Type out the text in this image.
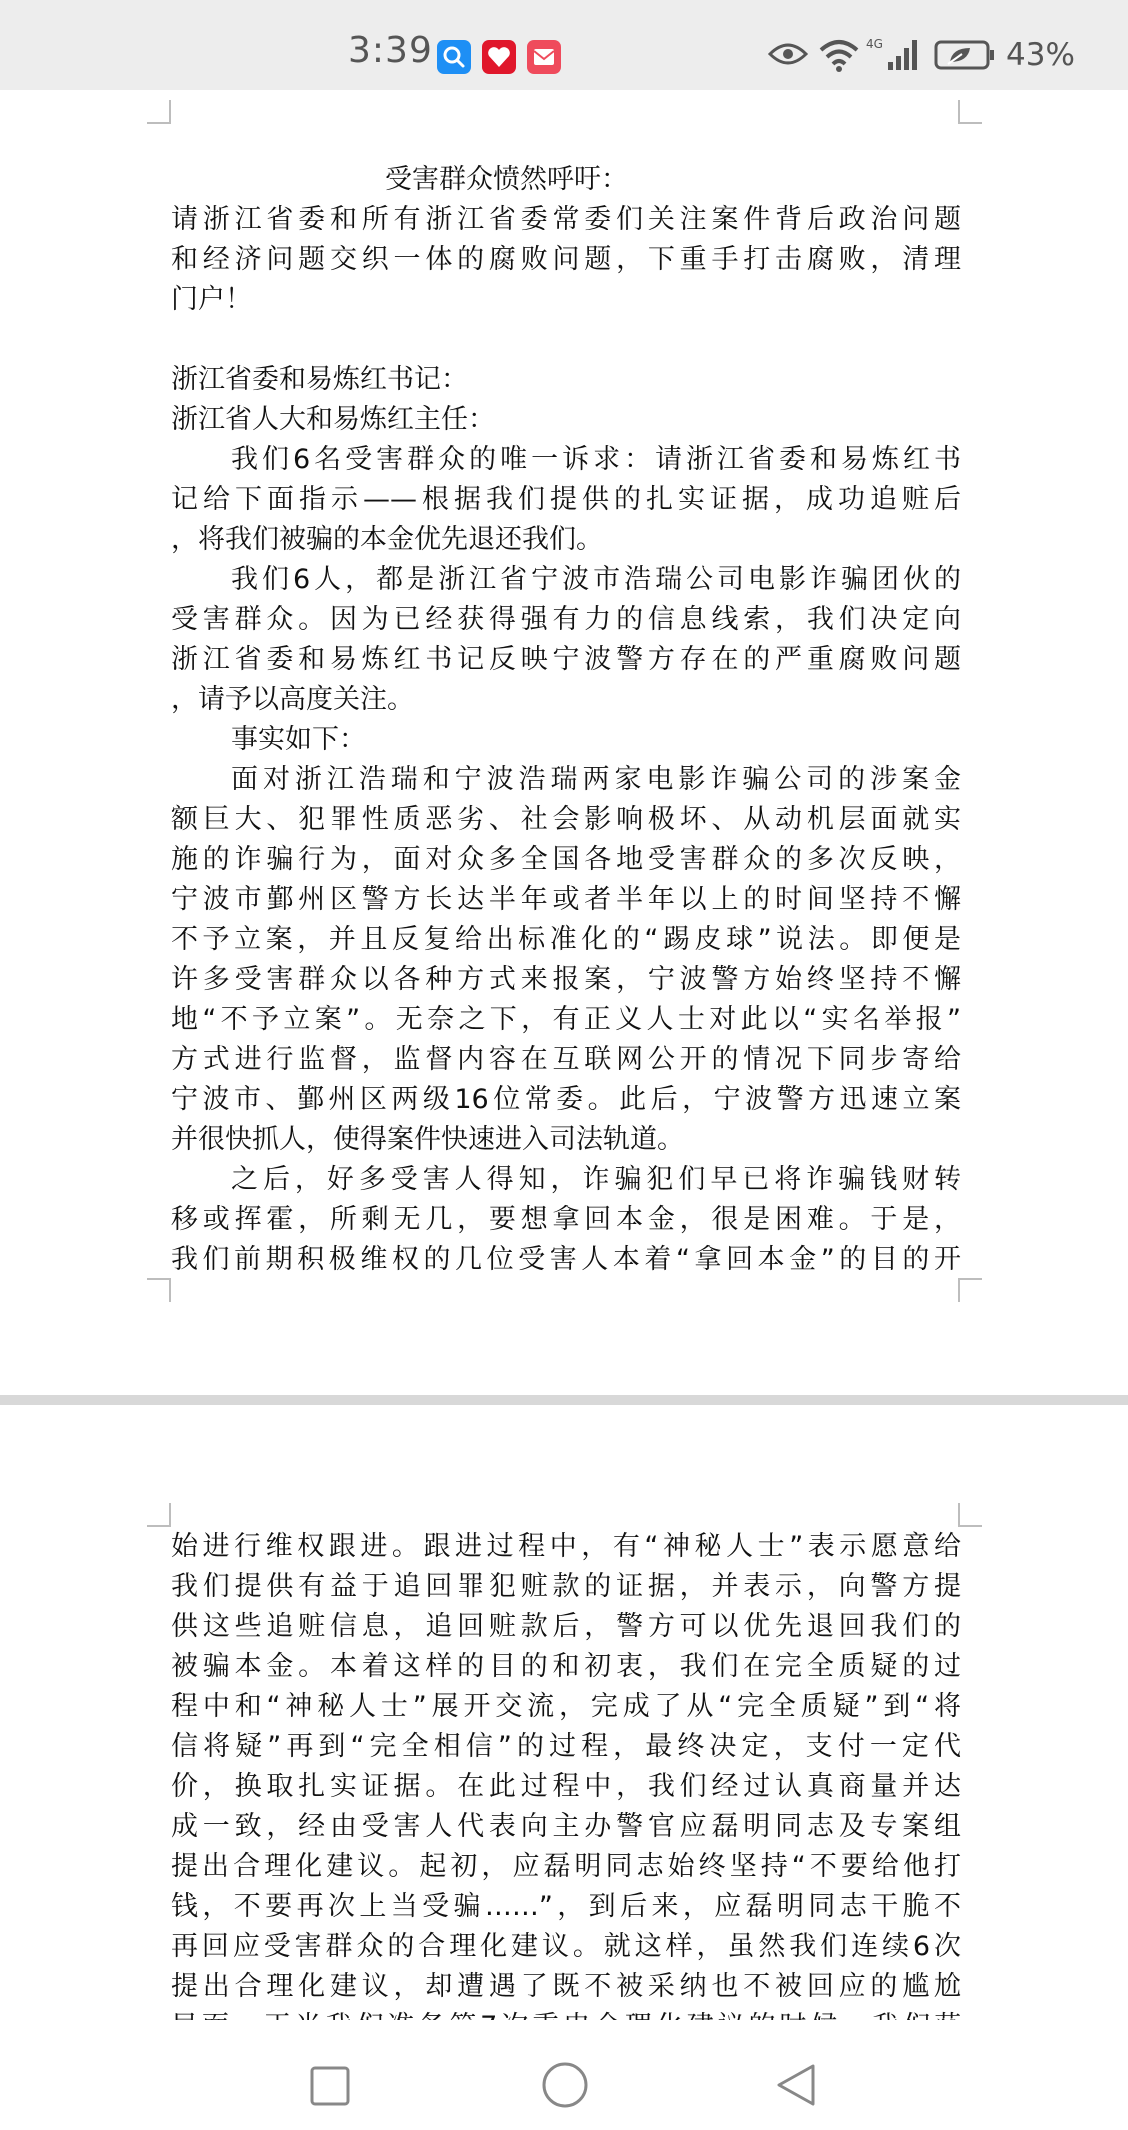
3:39	4G	43%
受害群众愤然呼吁：
请浙江省委和所有浙江省委常委们关注案件背后政治问题
和经济问题交织一体的腐败问题，下重手打击腐败，清理
门户！
浙江省委和易炼红书记：
浙江省人大和易炼红主任：
我们6名受害群众的唯一诉求：请浙江省委和易炼红书
记给下面指示——根据我们提供的扎实证据，成功追赃后
，将我们被骗的本金优先退还我们。
我们6人，都是浙江省宁波市浩瑞公司电影诈骗团伙的
受害群众。因为已经获得强有力的信息线索，我们决定向
浙江省委和易炼红书记反映宁波警方存在的严重腐败问题
，请予以高度关注。
事实如下：
面对浙江浩瑞和宁波浩瑞两家电影诈骗公司的涉案金
额巨大、犯罪性质恶劣、社会影响极坏、从动机层面就实
施的诈骗行为，面对众多全国各地受害群众的多次反映，
宁波市鄞州区警方长达半年或者半年以上的时间坚持不懈
不予立案，并且反复给出标准化的“踢皮球”说法。即便是
许多受害群众以各种方式来报案，宁波警方始终坚持不懈
地“不予立案”。无奈之下，有正义人士对此以“实名举报”
方式进行监督，监督内容在互联网公开的情况下同步寄给
宁波市、鄞州区两级16位常委。此后，宁波警方迅速立案
并很快抓人，使得案件快速进入司法轨道。
之后，好多受害人得知，诈骗犯们早已将诈骗钱财转
移或挥霍，所剩无几，要想拿回本金，很是困难。于是，
我们前期积极维权的几位受害人本着“拿回本金”的目的开
始进行维权跟进。跟进过程中，有“神秘人士”表示愿意给
我们提供有益于追回罪犯赃款的证据，并表示，向警方提
供这些追赃信息，追回赃款后，警方可以优先退回我们的
被骗本金。本着这样的目的和初衷，我们在完全质疑的过
程中和“神秘人士”展开交流，完成了从“完全质疑”到“将
信将疑”再到“完全相信”的过程，最终决定，支付一定代
价，换取扎实证据。在此过程中，我们经过认真商量并达
成一致，经由受害人代表向主办警官应磊明同志及专案组
提出合理化建议。起初，应磊明同志始终坚持“不要给他打
钱，不要再次上当受骗……”，到后来，应磊明同志干脆不
再回应受害群众的合理化建议。就这样，虽然我们连续6次
提出合理化建议，却遭遇了既不被采纳也不被回应的尴尬
